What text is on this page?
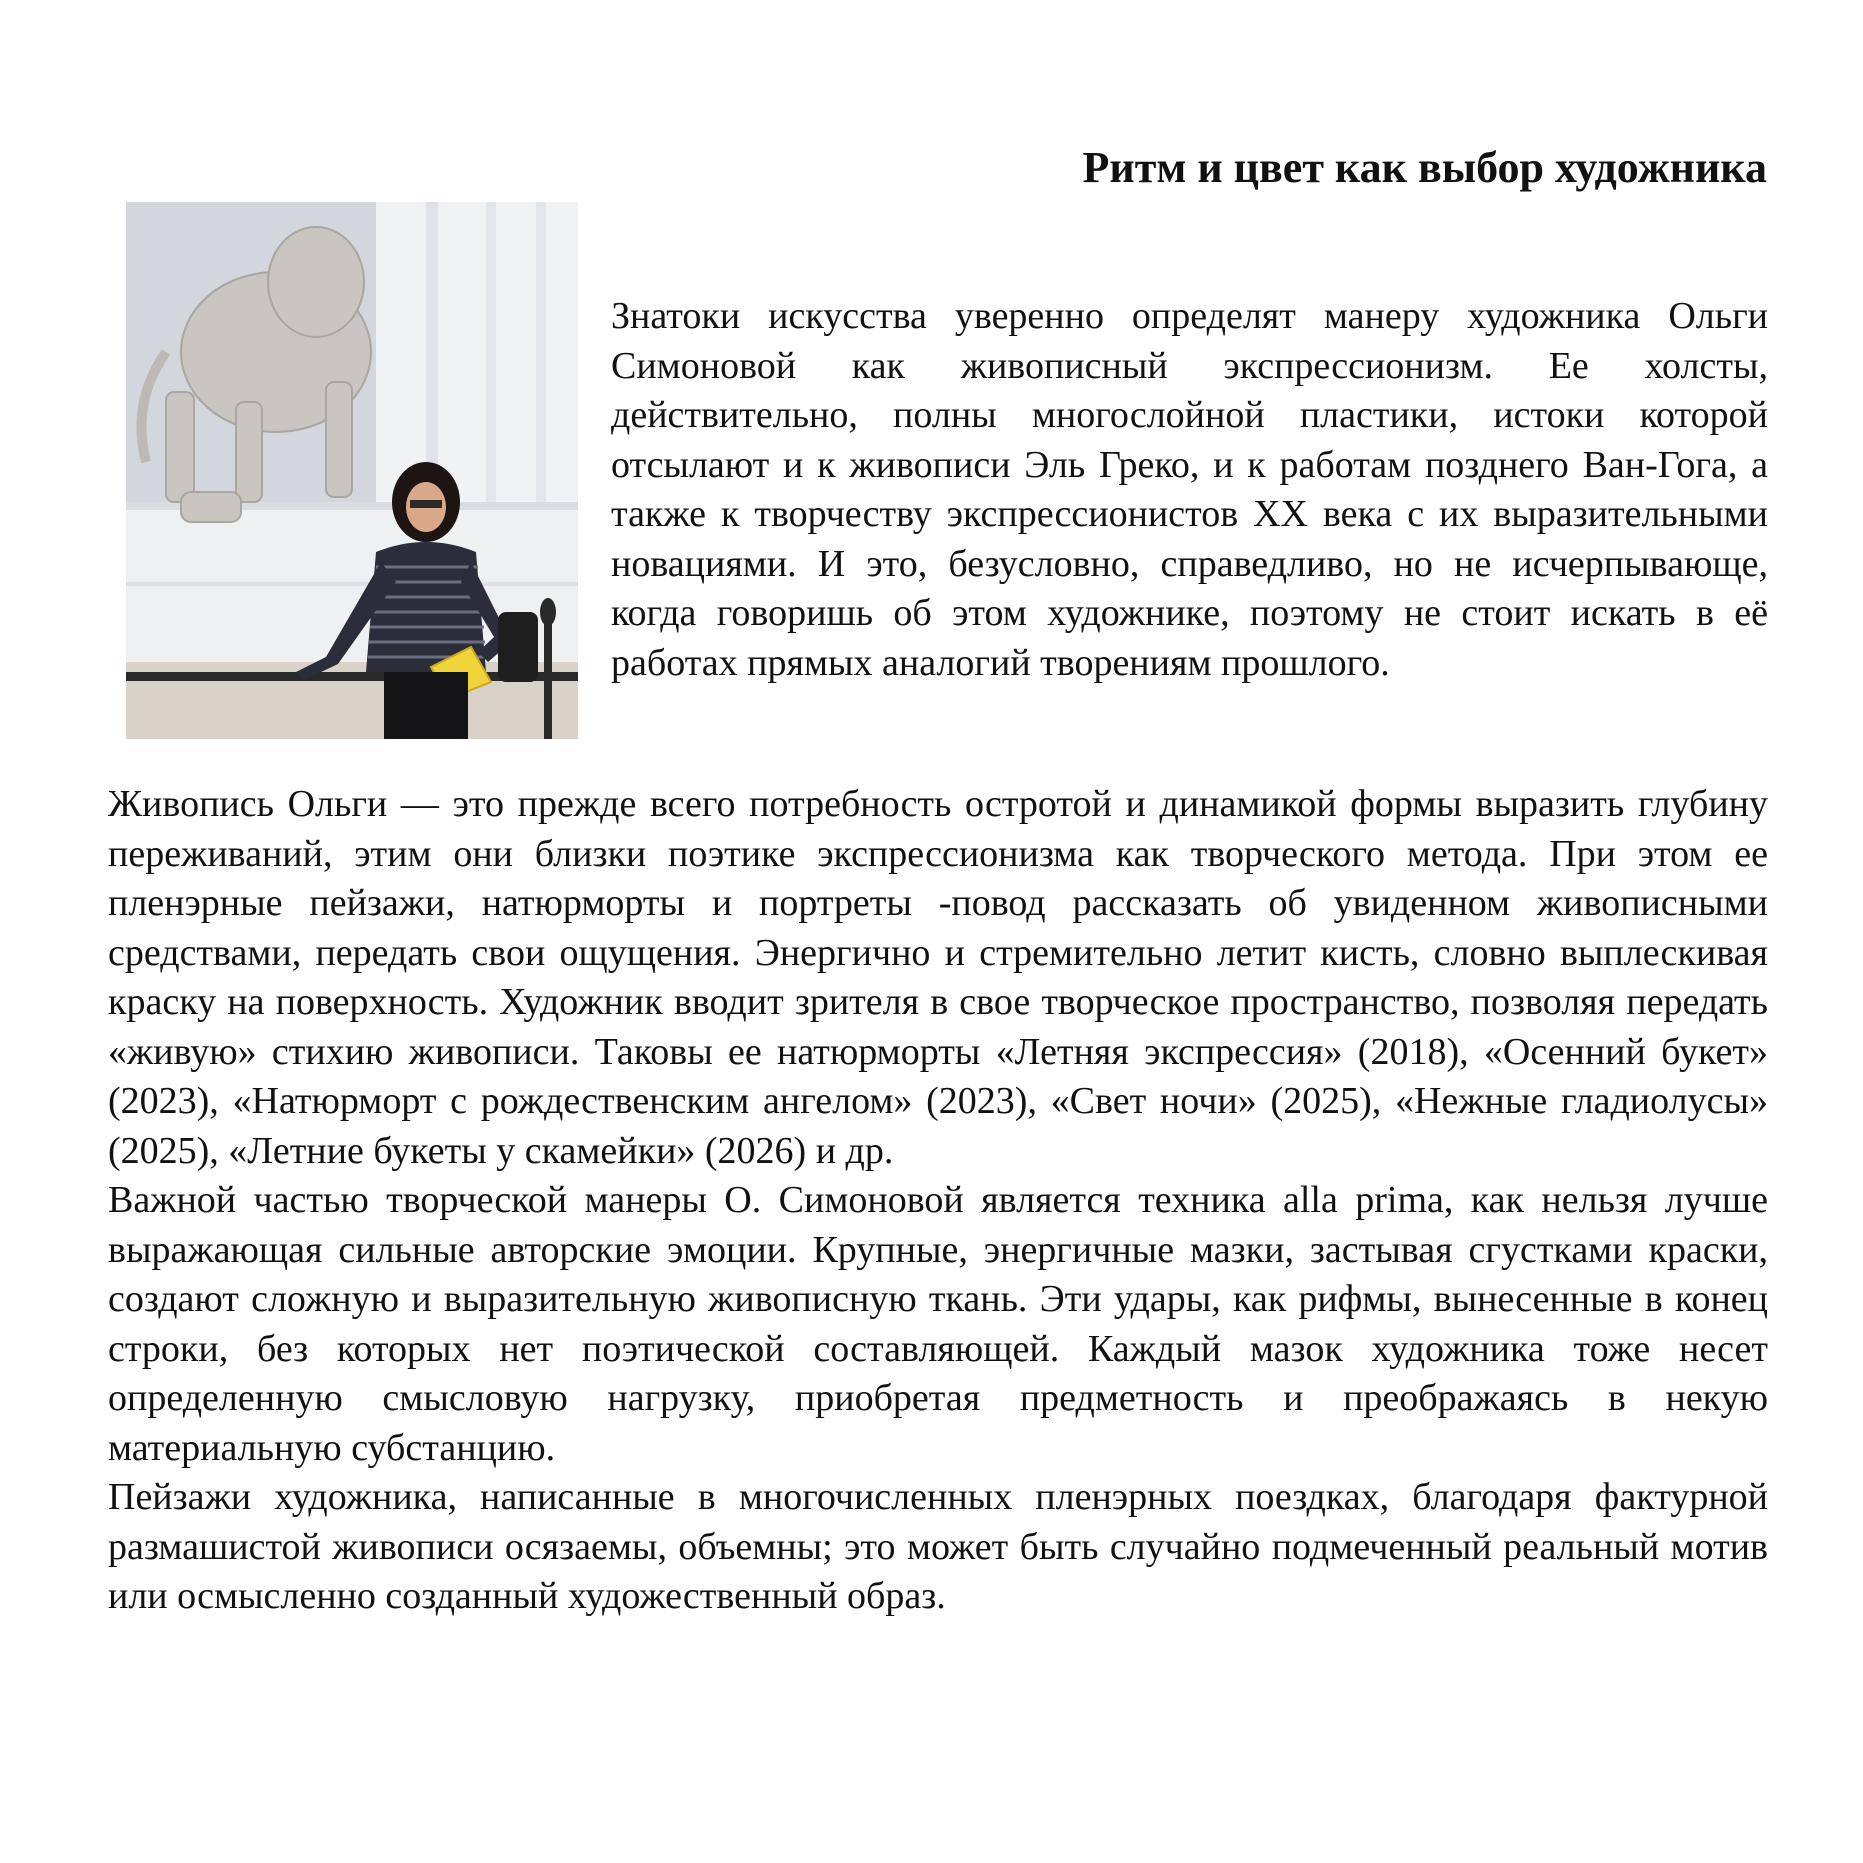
Ритм и цвет как выбор художника

Знатоки искусства уверенно определят манеру художника Ольги Симоновой как живописный экспрессионизм. Ее холсты, действительно, полны многослойной пластики, истоки которой отсылают и к живописи Эль Греко, и к работам позднего Ван-Гога, а также к творчеству экспрессионистов XX века с их выразительными новациями. И это, безусловно, справедливо, но не исчерпывающе, когда говоришь об этом художнике, поэтому не стоит искать в её работах прямых аналогий творениям прошлого.

Живопись Ольги — это прежде всего потребность остротой и динамикой формы выразить глубину переживаний, этим они близки поэтике экспрессионизма как творческого метода. При этом ее пленэрные пейзажи, натюрморты и портреты -повод рассказать об увиденном живописными средствами, передать свои ощущения. Энергично и стремительно летит кисть, словно выплескивая краску на поверхность. Художник вводит зрителя в свое творческое пространство, позволяя передать «живую» стихию живописи. Таковы ее натюрморты «Летняя экспрессия» (2018), «Осенний букет» (2023), «Натюрморт с рождественским ангелом» (2023), «Свет ночи» (2025), «Нежные гладиолусы» (2025), «Летние букеты у скамейки» (2026) и др.

Важной частью творческой манеры О. Симоновой является техника alla prima, как нельзя лучше выражающая сильные авторские эмоции. Крупные, энергичные мазки, застывая сгустками краски, создают сложную и выразительную живописную ткань. Эти удары, как рифмы, вынесенные в конец строки, без которых нет поэтической составляющей. Каждый мазок художника тоже несет определенную смысловую нагрузку, приобретая предметность и преображаясь в некую материальную субстанцию.

Пейзажи художника, написанные в многочисленных пленэрных поездках, благодаря фактурной размашистой живописи осязаемы, объемны; это может быть случайно подмеченный реальный мотив или осмысленно созданный художественный образ.
